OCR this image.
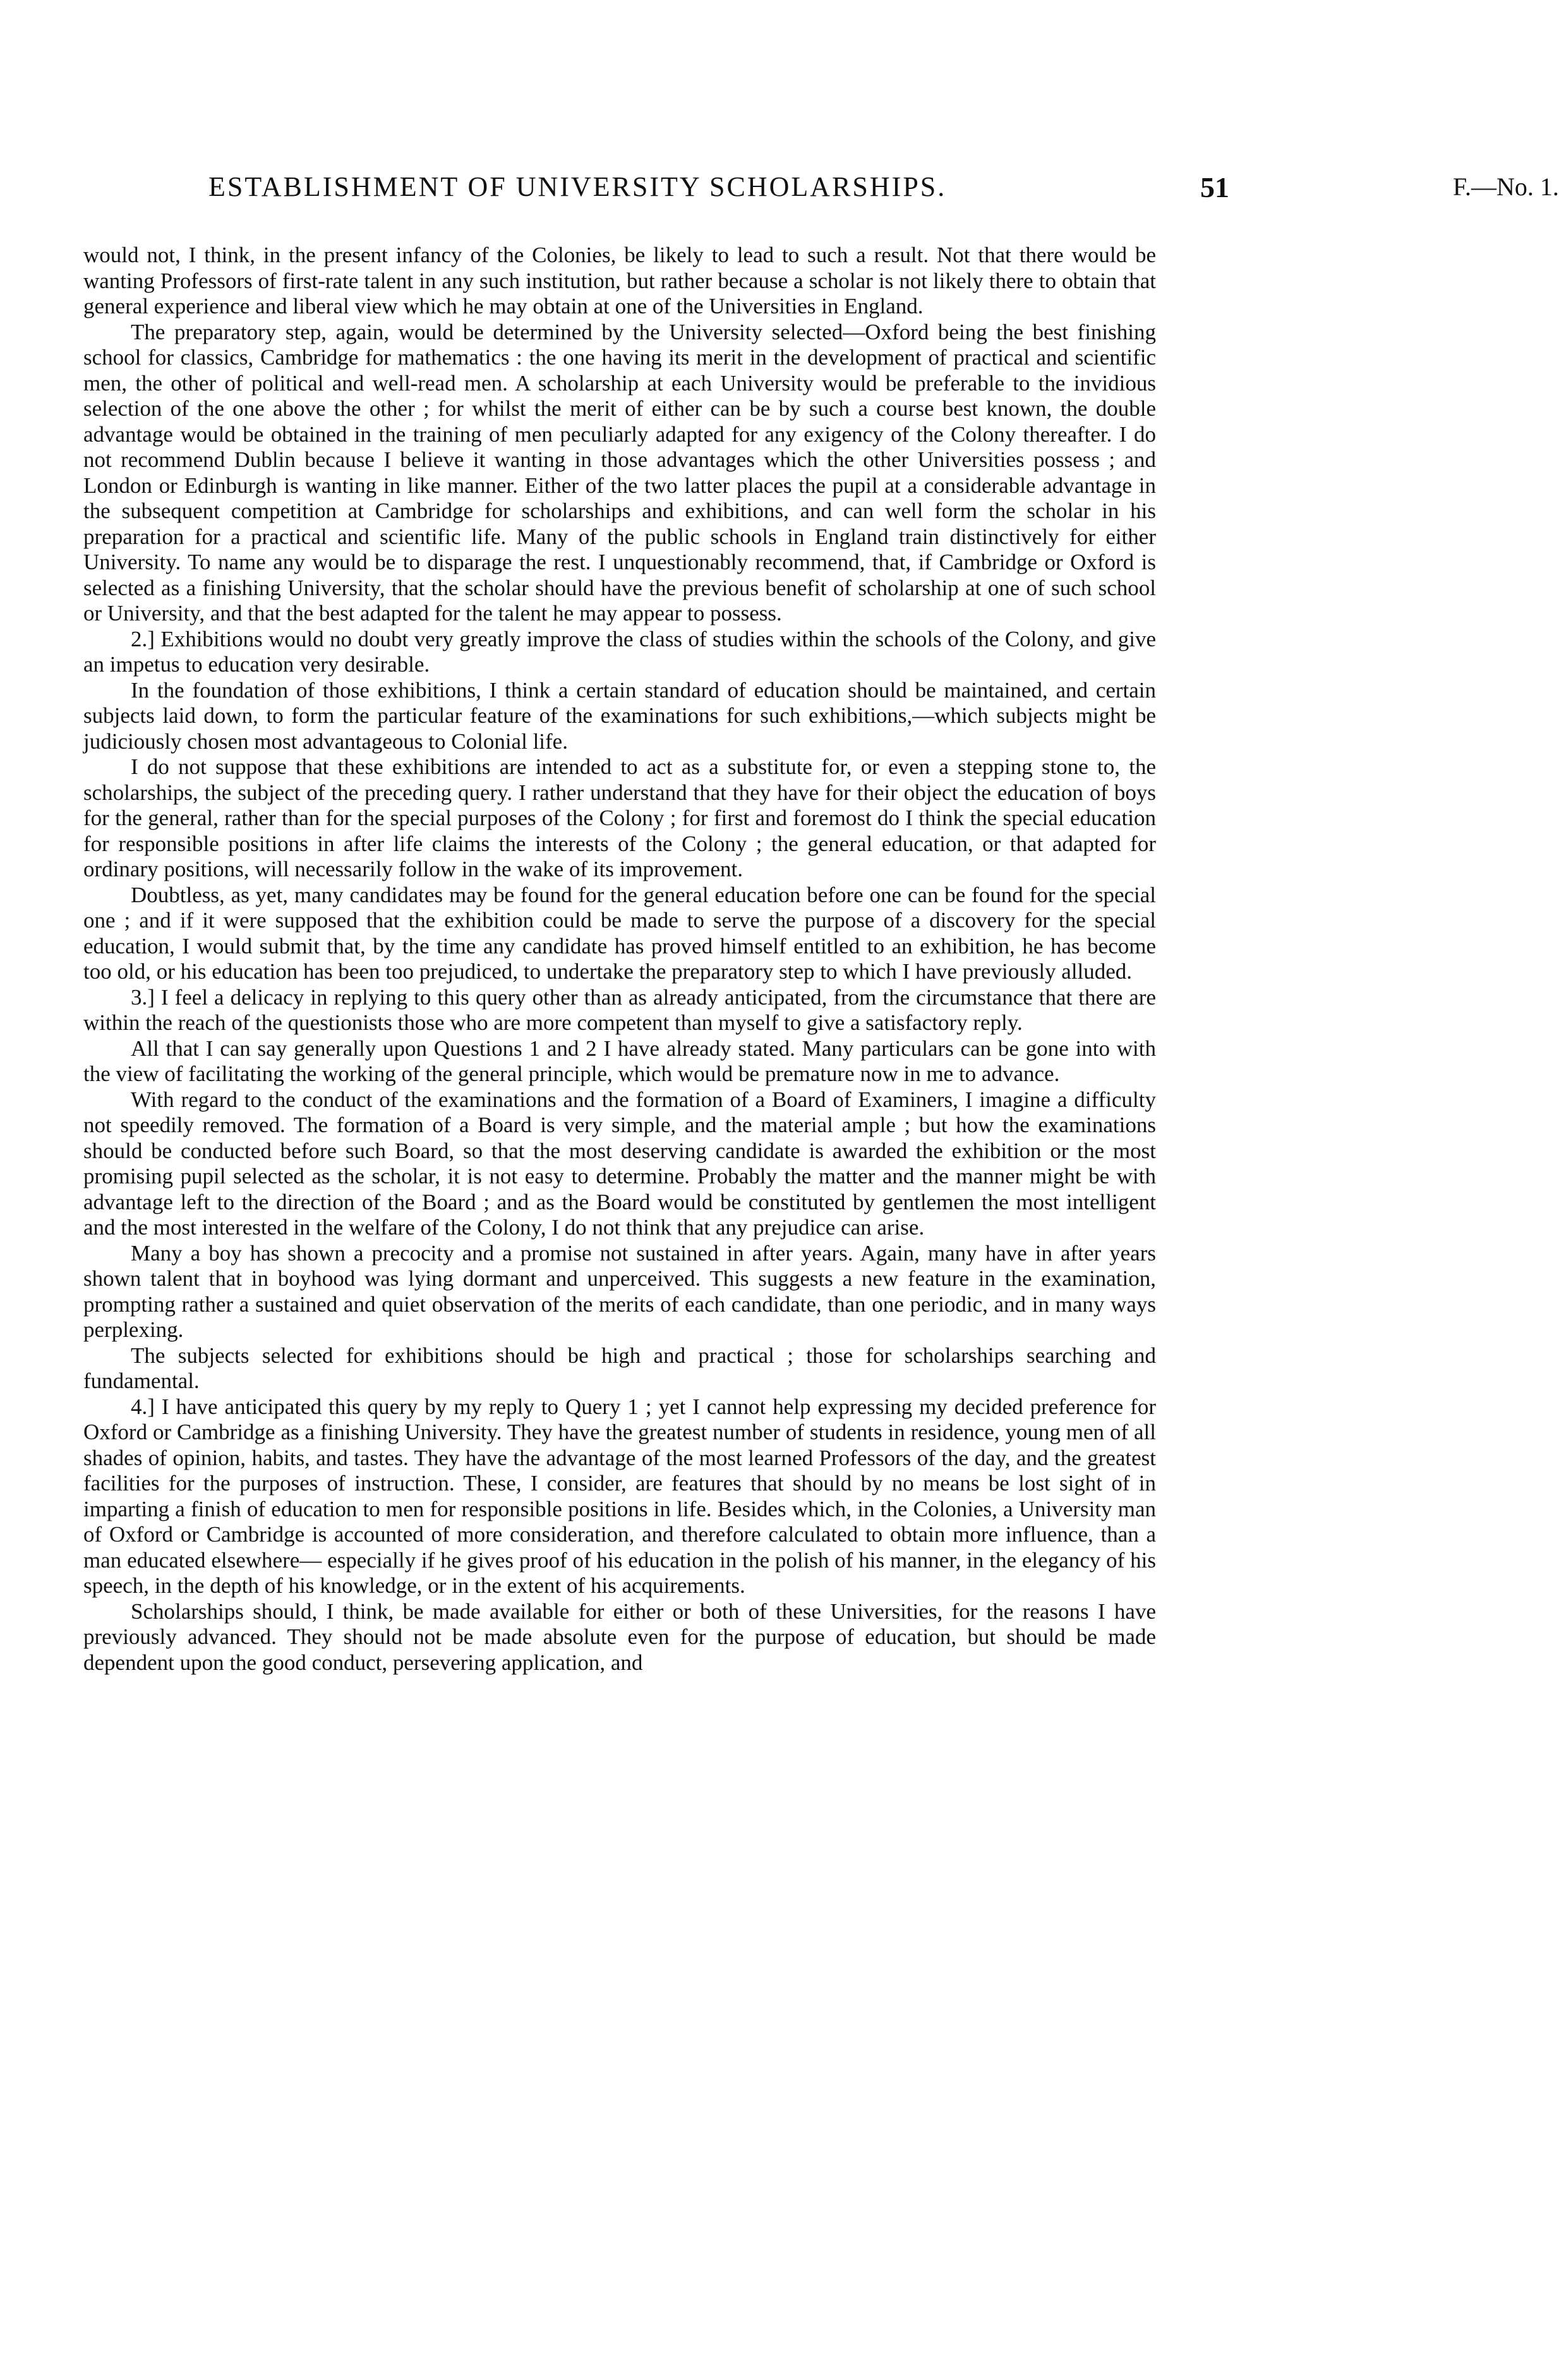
ESTABLISHMENT OF UNIVERSITY SCHOLARSHIPS.	51	F.—No. 1.

would not, I think, in the present infancy of the Colonies, be likely to lead to such a result. Not that there would be wanting Professors of first-rate talent in any such institution, but rather because a scholar is not likely there to obtain that general experience and liberal view which he may obtain at one of the Universities in England.

The preparatory step, again, would be determined by the University selected—Oxford being the best finishing school for classics, Cambridge for mathematics : the one having its merit in the development of practical and scientific men, the other of political and well-read men. A scholarship at each University would be preferable to the invidious selection of the one above the other ; for whilst the merit of either can be by such a course best known, the double advantage would be obtained in the training of men peculiarly adapted for any exigency of the Colony thereafter. I do not recommend Dublin because I believe it wanting in those advantages which the other Universities possess ; and London or Edinburgh is wanting in like manner. Either of the two latter places the pupil at a considerable advantage in the subsequent competition at Cambridge for scholarships and exhibitions, and can well form the scholar in his preparation for a practical and scientific life. Many of the public schools in England train distinctively for either University. To name any would be to disparage the rest. I unquestionably recommend, that, if Cambridge or Oxford is selected as a finishing University, that the scholar should have the previous benefit of scholarship at one of such school or University, and that the best adapted for the talent he may appear to possess.

2.] Exhibitions would no doubt very greatly improve the class of studies within the schools of the Colony, and give an impetus to education very desirable.

In the foundation of those exhibitions, I think a certain standard of education should be maintained, and certain subjects laid down, to form the particular feature of the examinations for such exhibitions,—which subjects might be judiciously chosen most advantageous to Colonial life.

I do not suppose that these exhibitions are intended to act as a substitute for, or even a stepping stone to, the scholarships, the subject of the preceding query. I rather understand that they have for their object the education of boys for the general, rather than for the special purposes of the Colony ; for first and foremost do I think the special education for responsible positions in after life claims the interests of the Colony ; the general education, or that adapted for ordinary positions, will necessarily follow in the wake of its improvement.

Doubtless, as yet, many candidates may be found for the general education before one can be found for the special one ; and if it were supposed that the exhibition could be made to serve the purpose of a discovery for the special education, I would submit that, by the time any candidate has proved himself entitled to an exhibition, he has become too old, or his education has been too prejudiced, to undertake the preparatory step to which I have previously alluded.

3.] I feel a delicacy in replying to this query other than as already anticipated, from the circumstance that there are within the reach of the questionists those who are more competent than myself to give a satisfactory reply.

All that I can say generally upon Questions 1 and 2 I have already stated. Many particulars can be gone into with the view of facilitating the working of the general principle, which would be premature now in me to advance.

With regard to the conduct of the examinations and the formation of a Board of Examiners, I imagine a difficulty not speedily removed. The formation of a Board is very simple, and the material ample ; but how the examinations should be conducted before such Board, so that the most deserving candidate is awarded the exhibition or the most promising pupil selected as the scholar, it is not easy to determine. Probably the matter and the manner might be with advantage left to the direction of the Board ; and as the Board would be constituted by gentlemen the most intelligent and the most interested in the welfare of the Colony, I do not think that any prejudice can arise.

Many a boy has shown a precocity and a promise not sustained in after years. Again, many have in after years shown talent that in boyhood was lying dormant and unperceived. This suggests a new feature in the examination, prompting rather a sustained and quiet observation of the merits of each candidate, than one periodic, and in many ways perplexing.

The subjects selected for exhibitions should be high and practical ; those for scholarships searching and fundamental.

4.] I have anticipated this query by my reply to Query 1 ; yet I cannot help expressing my decided preference for Oxford or Cambridge as a finishing University. They have the greatest number of students in residence, young men of all shades of opinion, habits, and tastes. They have the advantage of the most learned Professors of the day, and the greatest facilities for the purposes of instruction. These, I consider, are features that should by no means be lost sight of in imparting a finish of education to men for responsible positions in life. Besides which, in the Colonies, a University man of Oxford or Cambridge is accounted of more consideration, and therefore calculated to obtain more influence, than a man educated elsewhere— especially if he gives proof of his education in the polish of his manner, in the elegancy of his speech, in the depth of his knowledge, or in the extent of his acquirements.

Scholarships should, I think, be made available for either or both of these Universities, for the reasons I have previously advanced. They should not be made absolute even for the purpose of education, but should be made dependent upon the good conduct, persevering application, and
